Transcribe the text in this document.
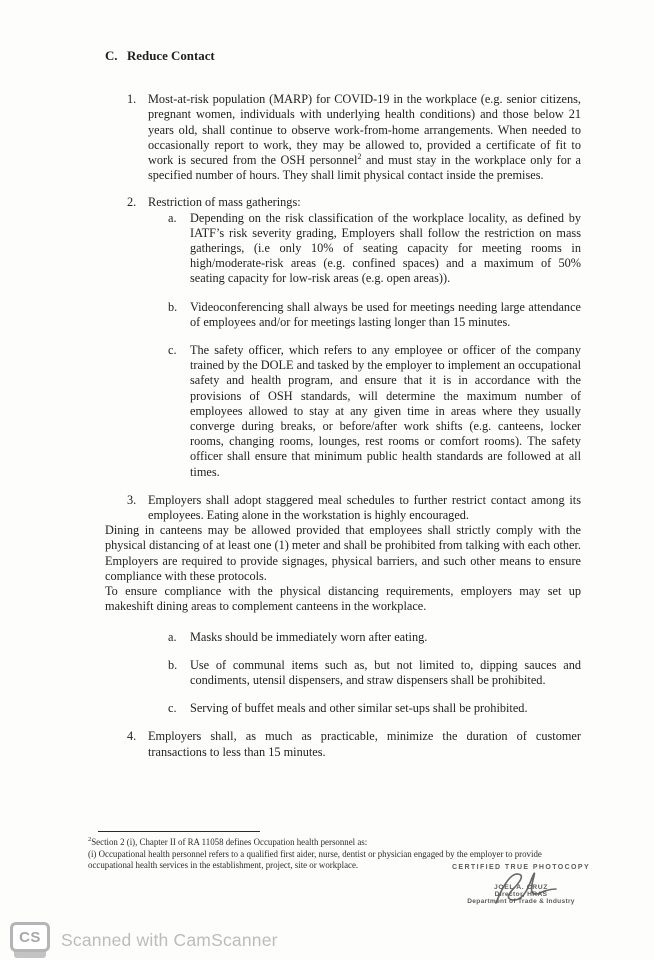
C. Reduce Contact
1. Most-at-risk population (MARP) for COVID-19 in the workplace (e.g. senior citizens, pregnant women, individuals with underlying health conditions) and those below 21 years old, shall continue to observe work-from-home arrangements. When needed to occasionally report to work, they may be allowed to, provided a certificate of fit to work is secured from the OSH personnel$^2$ and must stay in the workplace only for a specified number of hours. They shall limit physical contact inside the premises.

2. Restriction of mass gatherings:

a.	Depending on the risk classification of the workplace locality, as defined by IATF’s risk severity grading, Employers shall follow the restriction on mass gatherings, (i.e only 10% of seating capacity for meeting rooms in high/moderate-risk areas (e.g. confined spaces) and a maximum of 50% seating capacity for low-risk areas (e.g. open areas)).

b.	Videoconferencing shall always be used for meetings needing large attendance of employees and/or for meetings lasting longer than 15 minutes.

c.	The safety officer, which refers to any employee or officer of the company trained by the DOLE and tasked by the employer to implement an occupational safety and health program, and ensure that it is in accordance with the provisions of OSH standards, will determine the maximum number of employees allowed to stay at any given time in areas where they usually converge during breaks, or before/after work shifts (e.g. canteens, locker rooms, changing rooms, lounges, rest rooms or comfort rooms). The safety officer shall ensure that minimum public health standards are followed at all times.

3. Employers shall adopt staggered meal schedules to further restrict contact among its employees. Eating alone in the workstation is highly encouraged.

Dining in canteens may be allowed provided that employees shall strictly comply with the physical distancing of at least one (1) meter and shall be prohibited from talking with each other. Employers are required to provide signages, physical barriers, and such other means to ensure compliance with these protocols.

To ensure compliance with the physical distancing requirements, employers may set up makeshift dining areas to complement canteens in the workplace.

a.	Masks should be immediately worn after eating.

b.	Use of communal items such as, but not limited to, dipping sauces and condiments, utensil dispensers, and straw dispensers shall be prohibited.

c.	Serving of buffet meals and other similar set-ups shall be prohibited.

4. Employers shall, as much as practicable, minimize the duration of customer transactions to less than 15 minutes.

$^2$Section 2 (i), Chapter II of RA 11058 defines Occupation health personnel as:

(i) Occupational health personnel refers to a qualified first aider, nurse, dentist or physician engaged by the employer to provide occupational health services in the establishment, project, site or workplace.	CERTIFIED TRUE PHOTOCOPY
JOEL A. CRUZ
Director, HRAS
Department of Trade & Industry
CS	Scanned with CamScanner
